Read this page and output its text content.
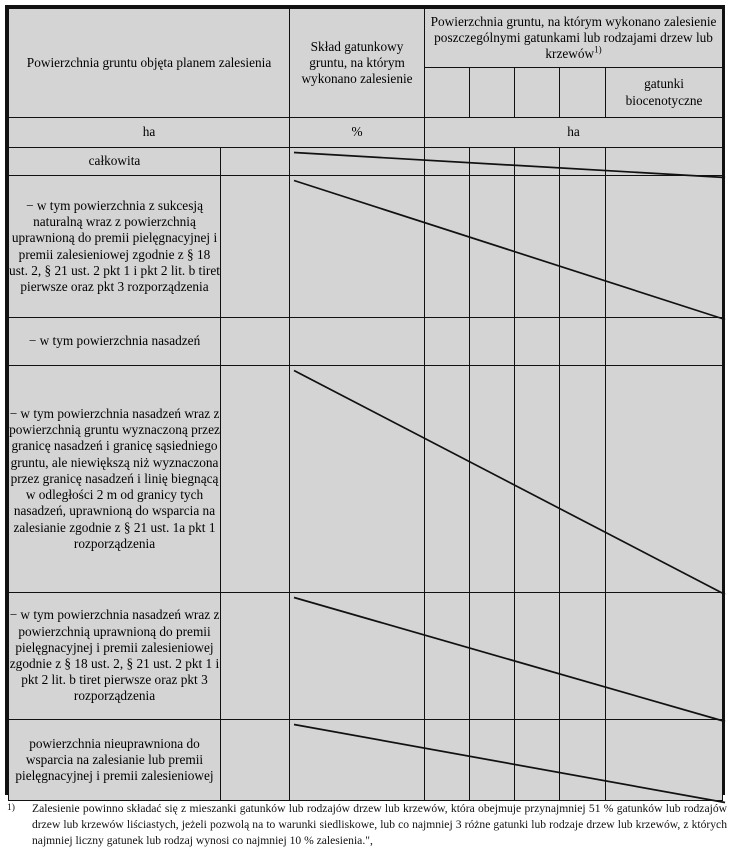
Powierzchnia gruntu objęta planem zalesienia		Skład gatunkowy gruntu, na którym wykonano zalesienie	Powierzchnia gruntu, na którym wykonano zalesienie poszczególnymi gatunkami lub rodzajami drzew lub krzewów$^{1)}$
							gatunki biocenotyczne
ha		%	ha				
całkowita							
− w tym powierzchnia z sukcesją naturalną wraz z powierzchnią uprawnioną do premii pielęgnacyjnej i premii zalesieniowej zgodnie z § 18 ust. 2, § 21 ust. 2 pkt 1 i pkt 2 lit. b tiret pierwsze oraz pkt 3 rozporządzenia							
− w tym powierzchnia nasadzeń							
− w tym powierzchnia nasadzeń wraz z powierzchnią gruntu wyznaczoną przez granicę nasadzeń i granicę sąsiedniego gruntu, ale niewiększą niż wyznaczona przez granicę nasadzeń i linię biegnącą w odległości 2 m od granicy tych nasadzeń, uprawnioną do wsparcia na zalesianie zgodnie z § 21 ust. 1a pkt 1 rozporządzenia							
− w tym powierzchnia nasadzeń wraz z powierzchnią uprawnioną do premii pielęgnacyjnej i premii zalesieniowej zgodnie z § 18 ust. 2, § 21 ust. 2 pkt 1 i pkt 2 lit. b tiret pierwsze oraz pkt 3 rozporządzenia							
powierzchnia nieuprawniona do wsparcia na zalesianie lub premii pielęgnacyjnej i premii zalesieniowej							
1) Zalesienie powinno składać się z mieszanki gatunków lub rodzajów drzew lub krzewów, która obejmuje przynajmniej 51 % gatunków lub rodzajów drzew lub krzewów liściastych, jeżeli pozwolą na to warunki siedliskowe, lub co najmniej 3 różne gatunki lub rodzaje drzew lub krzewów, z których najmniej liczny gatunek lub rodzaj wynosi co najmniej 10 % zalesienia.",
